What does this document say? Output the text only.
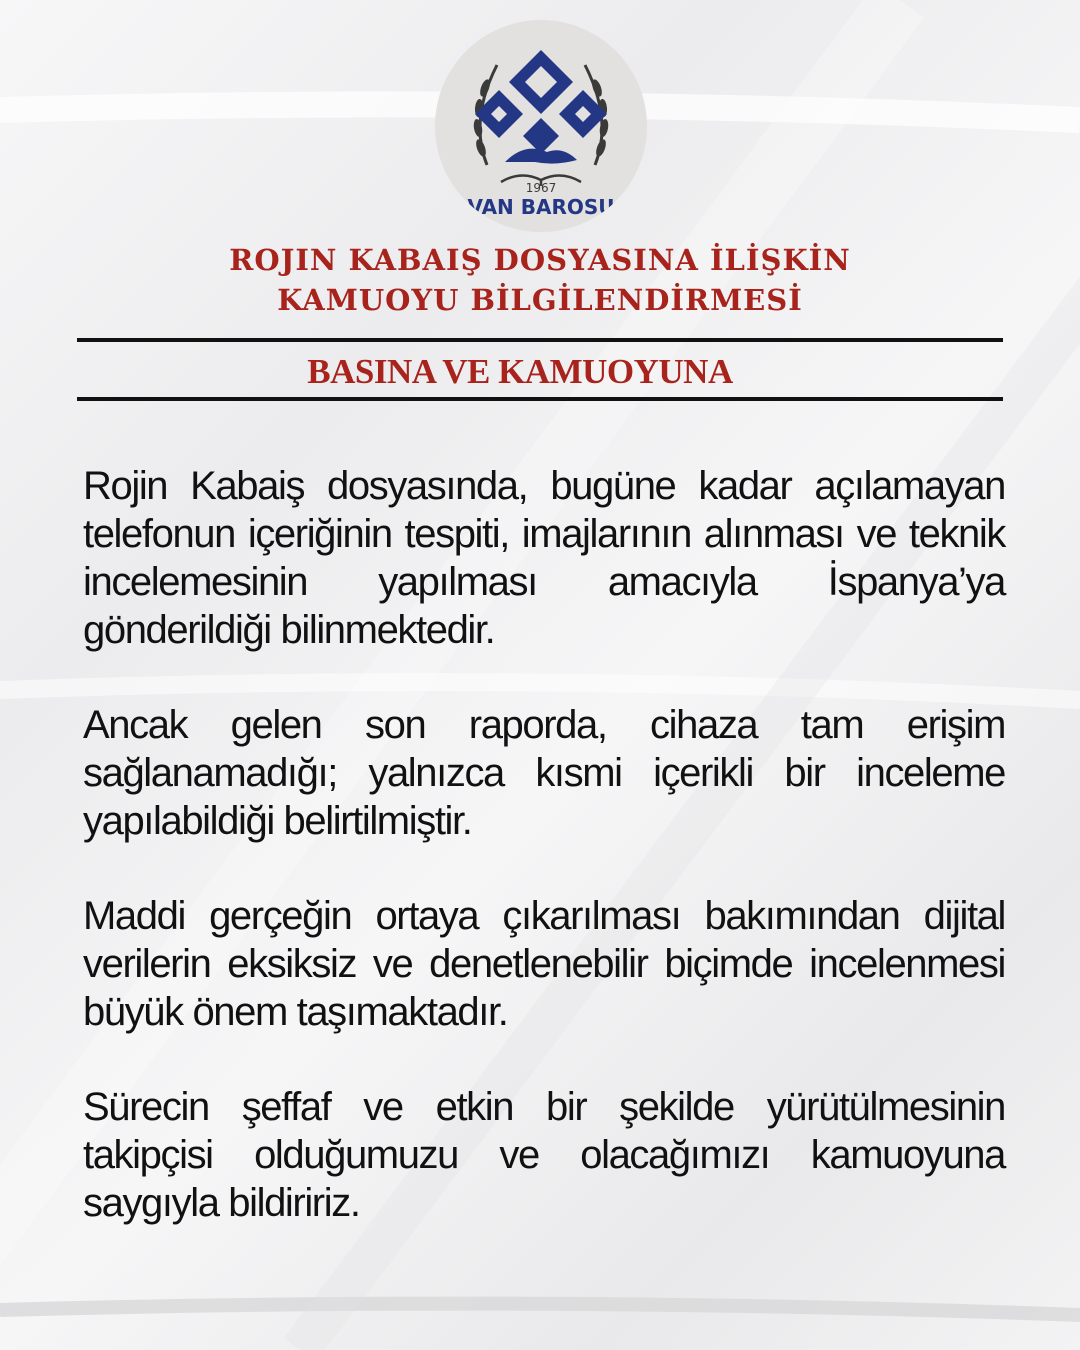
1967
VAN BAROSU
ROJIN KABAIŞ DOSYASINA İLİŞKİN
KAMUOYU BİLGİLENDİRMESİ
BASINA VE KAMUOYUNA

Rojin Kabaiş dosyasında, bugüne kadar açılamayan telefonun içeriğinin tespiti, imajlarının alınması ve teknik incelemesinin yapılması amacıyla İspanya’ya gönderildiği bilinmektedir.

Ancak gelen son raporda, cihaza tam erişim sağlanamadığı; yalnızca kısmi içerikli bir inceleme yapılabildiği belirtilmiştir.

Maddi gerçeğin ortaya çıkarılması bakımından dijital verilerin eksiksiz ve denetlenebilir biçimde incelenmesi büyük önem taşımaktadır.

Sürecin şeffaf ve etkin bir şekilde yürütülmesinin takipçisi olduğumuzu ve olacağımızı kamuoyuna saygıyla bildiririz.
